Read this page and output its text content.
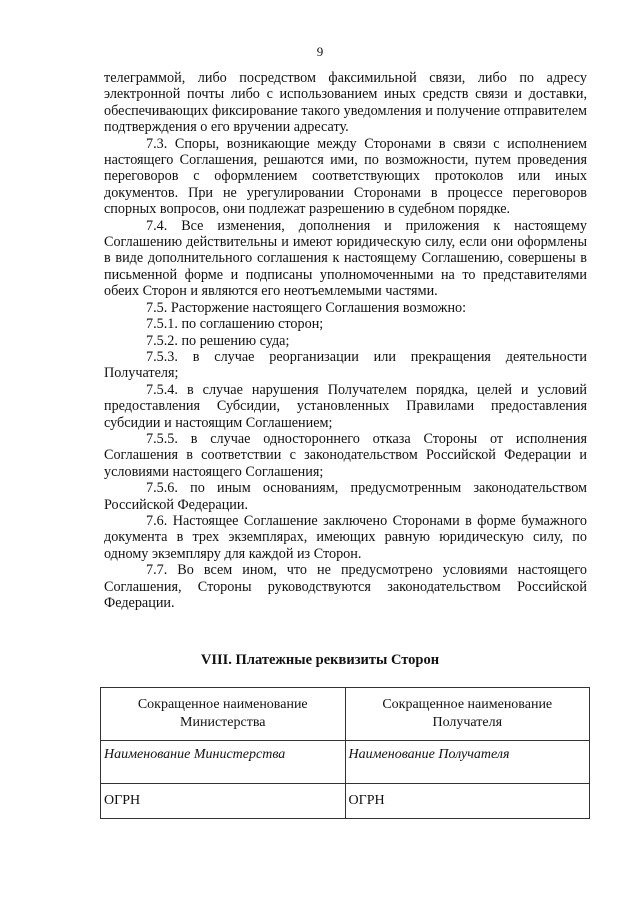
9

телеграммой, либо посредством факсимильной связи, либо по адресу электронной почты либо с использованием иных средств связи и доставки, обеспечивающих фиксирование такого уведомления и получение отправителем подтверждения о его вручении адресату.

7.3. Споры, возникающие между Сторонами в связи с исполнением настоящего Соглашения, решаются ими, по возможности, путем проведения переговоров с оформлением соответствующих протоколов или иных документов. При не урегулировании Сторонами в процессе переговоров спорных вопросов, они подлежат разрешению в судебном порядке.

7.4. Все изменения, дополнения и приложения к настоящему Соглашению действительны и имеют юридическую силу, если они оформлены в виде дополнительного соглашения к настоящему Соглашению, совершены в письменной форме и подписаны уполномоченными на то представителями обеих Сторон и являются его неотъемлемыми частями.

7.5. Расторжение настоящего Соглашения возможно:

7.5.1. по соглашению сторон;

7.5.2. по решению суда;

7.5.3. в случае реорганизации или прекращения деятельности Получателя;

7.5.4. в случае нарушения Получателем порядка, целей и условий предоставления Субсидии, установленных Правилами предоставления субсидии и настоящим Соглашением;

7.5.5. в случае одностороннего отказа Стороны от исполнения Соглашения в соответствии с законодательством Российской Федерации и условиями настоящего Соглашения;

7.5.6. по иным основаниям, предусмотренным законодательством Российской Федерации.

7.6. Настоящее Соглашение заключено Сторонами в форме бумажного документа в трех экземплярах, имеющих равную юридическую силу, по одному экземпляру для каждой из Сторон.

7.7. Во всем ином, что не предусмотрено условиями настоящего Соглашения, Стороны руководствуются законодательством Российской Федерации.

VIII. Платежные реквизиты Сторон
Сокращенное наименование Министерства	Сокращенное наименование Получателя
Наименование Министерства	Наименование Получателя
ОГРН	ОГРН
